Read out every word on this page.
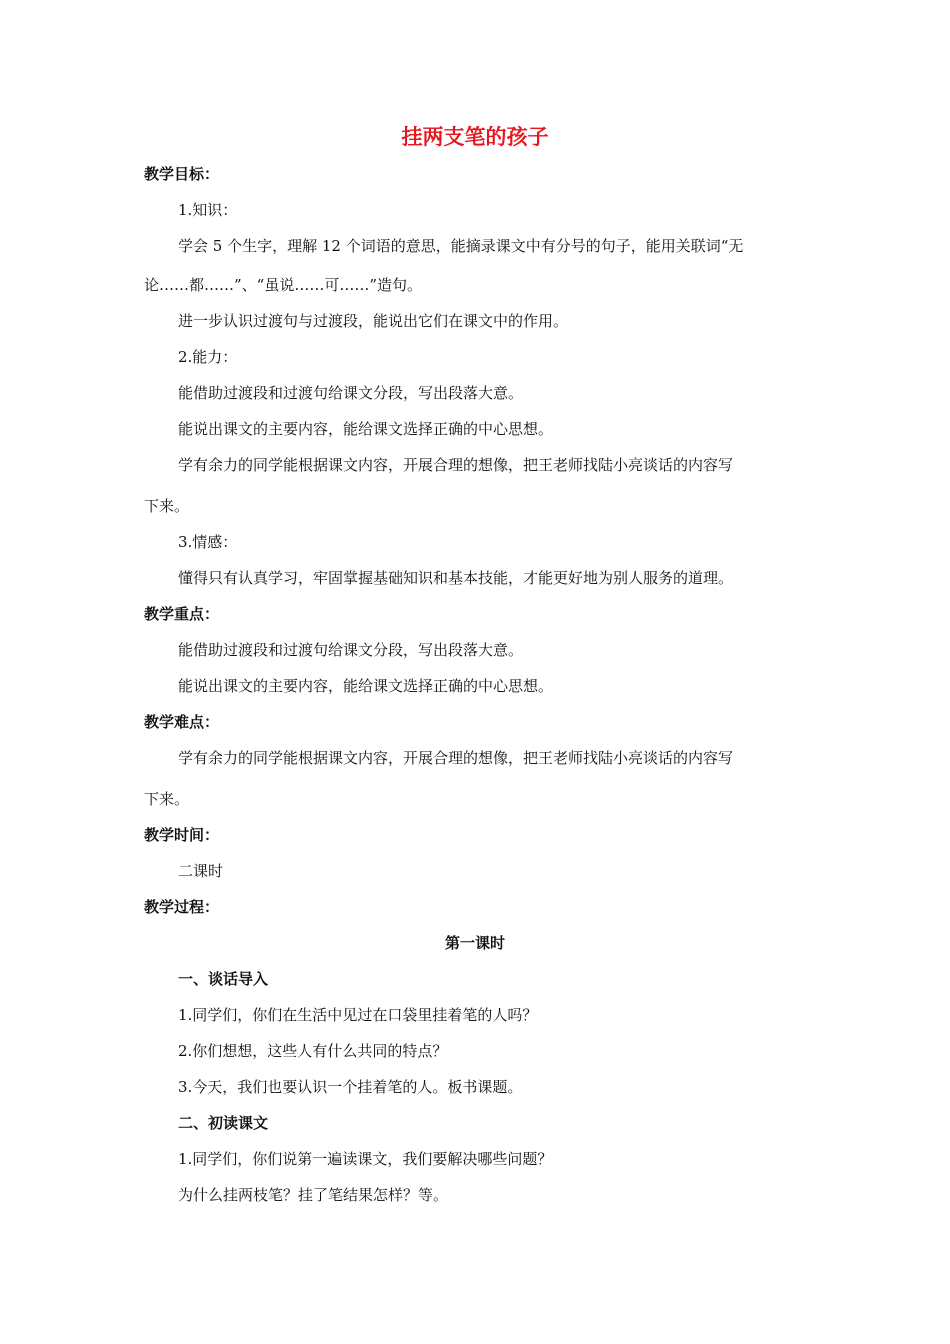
挂两支笔的孩子
教学目标：
1.知识：
学会 5 个生字，理解 12 个词语的意思，能摘录课文中有分号的句子，能用关联词“无
论……都……”、“虽说……可……”造句。
进一步认识过渡句与过渡段，能说出它们在课文中的作用。
2.能力：
能借助过渡段和过渡句给课文分段，写出段落大意。
能说出课文的主要内容，能给课文选择正确的中心思想。
学有余力的同学能根据课文内容，开展合理的想像，把王老师找陆小亮谈话的内容写
下来。
3.情感：
懂得只有认真学习，牢固掌握基础知识和基本技能，才能更好地为别人服务的道理。
教学重点：
能借助过渡段和过渡句给课文分段，写出段落大意。
能说出课文的主要内容，能给课文选择正确的中心思想。
教学难点：
学有余力的同学能根据课文内容，开展合理的想像，把王老师找陆小亮谈话的内容写
下来。
教学时间：
二课时
教学过程：
第一课时
一、谈话导入
1.同学们，你们在生活中见过在口袋里挂着笔的人吗？
2.你们想想，这些人有什么共同的特点？
3.今天，我们也要认识一个挂着笔的人。板书课题。
二、初读课文
1.同学们，你们说第一遍读课文，我们要解决哪些问题？
为什么挂两枝笔？挂了笔结果怎样？等。
